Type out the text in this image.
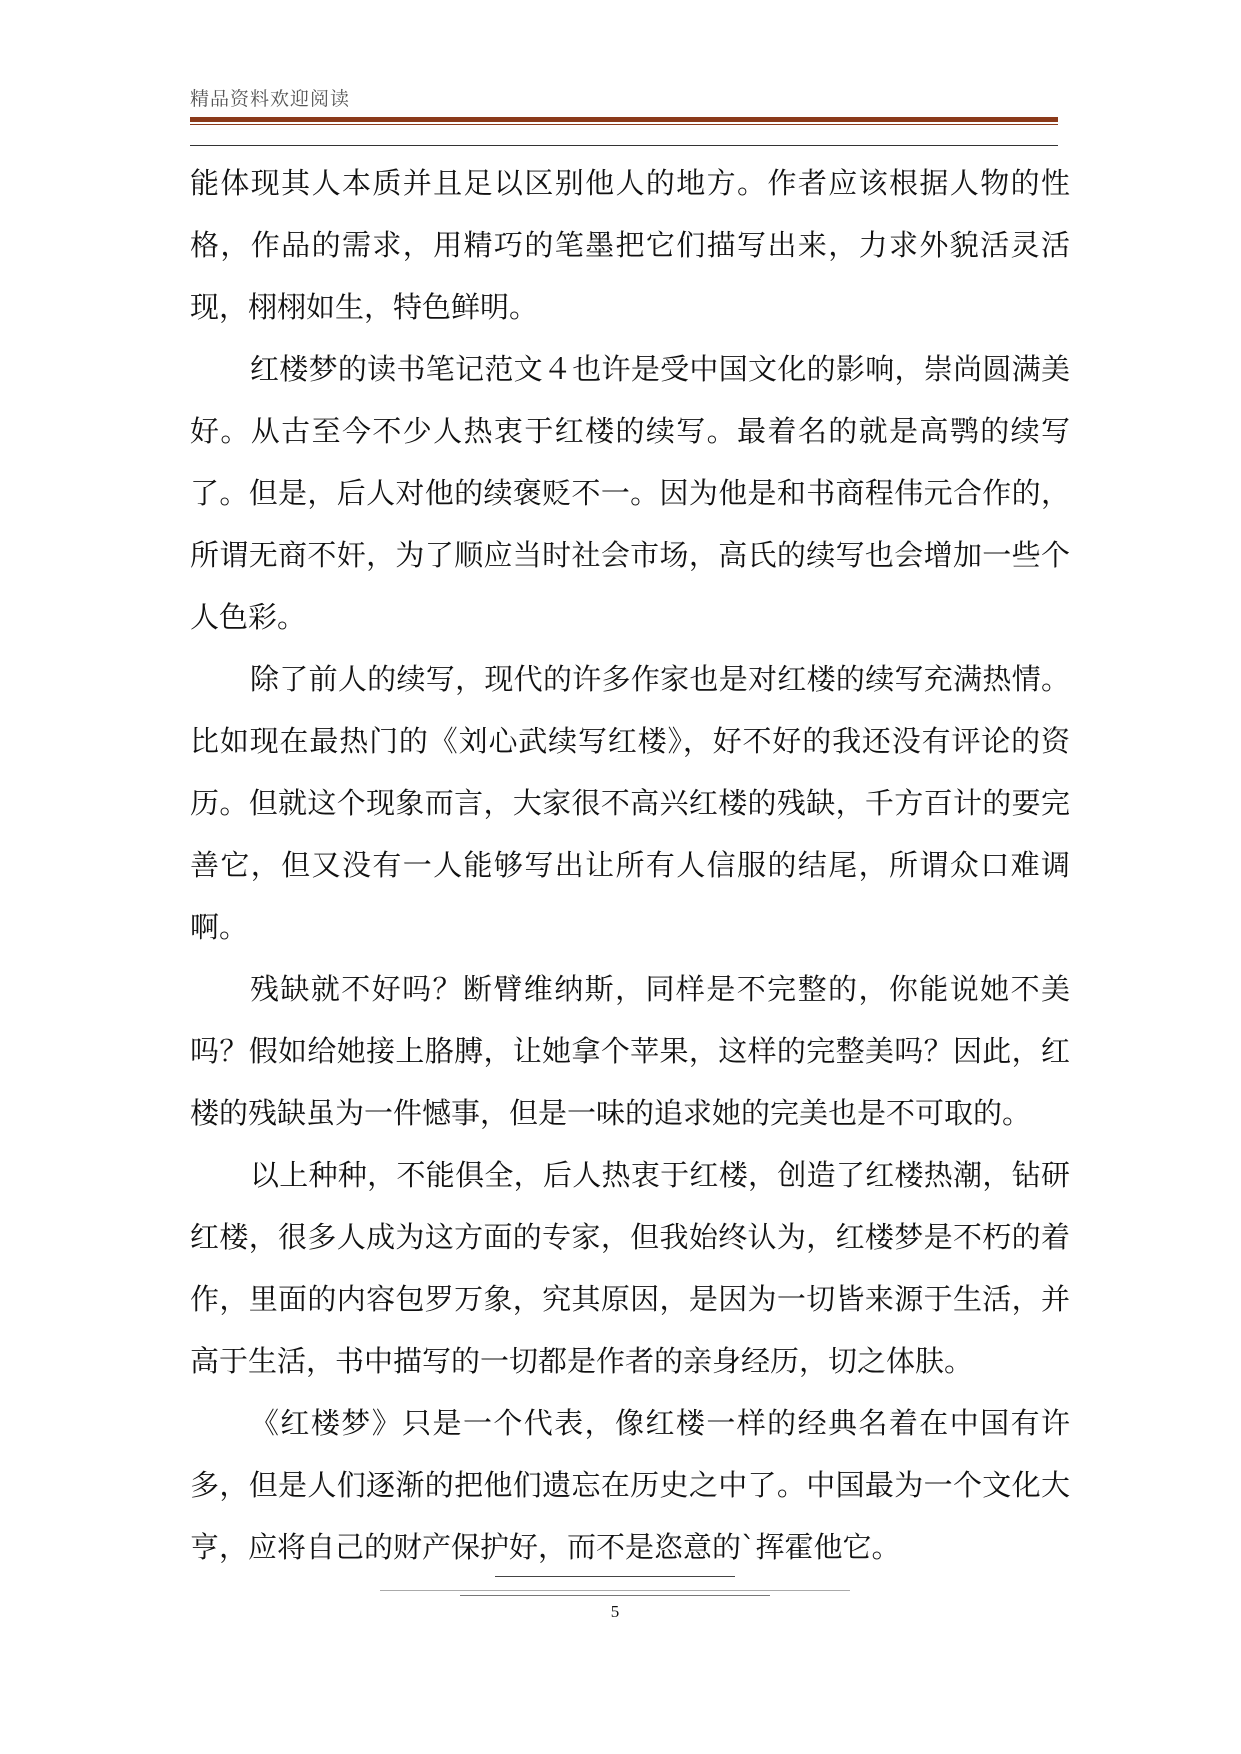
精品资料欢迎阅读

能体现其人本质并且足以区别他人的地方。作者应该根据人物的性格，作品的需求，用精巧的笔墨把它们描写出来，力求外貌活灵活现，栩栩如生，特色鲜明。

红楼梦的读书笔记范文４也许是受中国文化的影响，崇尚圆满美好。从古至今不少人热衷于红楼的续写。最着名的就是高鹗的续写了。但是，后人对他的续褒贬不一。因为他是和书商程伟元合作的，所谓无商不奸，为了顺应当时社会市场，高氏的续写也会增加一些个人色彩。

除了前人的续写，现代的许多作家也是对红楼的续写充满热情。比如现在最热门的《刘心武续写红楼》，好不好的我还没有评论的资历。但就这个现象而言，大家很不高兴红楼的残缺，千方百计的要完善它，但又没有一人能够写出让所有人信服的结尾，所谓众口难调啊。

残缺就不好吗？断臂维纳斯，同样是不完整的，你能说她不美吗？假如给她接上胳膊，让她拿个苹果，这样的完整美吗？因此，红楼的残缺虽为一件憾事，但是一味的追求她的完美也是不可取的。

以上种种，不能俱全，后人热衷于红楼，创造了红楼热潮，钻研红楼，很多人成为这方面的专家，但我始终认为，红楼梦是不朽的着作，里面的内容包罗万象，究其原因，是因为一切皆来源于生活，并高于生活，书中描写的一切都是作者的亲身经历，切之体肤。

《红楼梦》只是一个代表，像红楼一样的经典名着在中国有许多，但是人们逐渐的把他们遗忘在历史之中了。中国最为一个文化大亨，应将自己的财产保护好，而不是恣意的`挥霍他它。

5
